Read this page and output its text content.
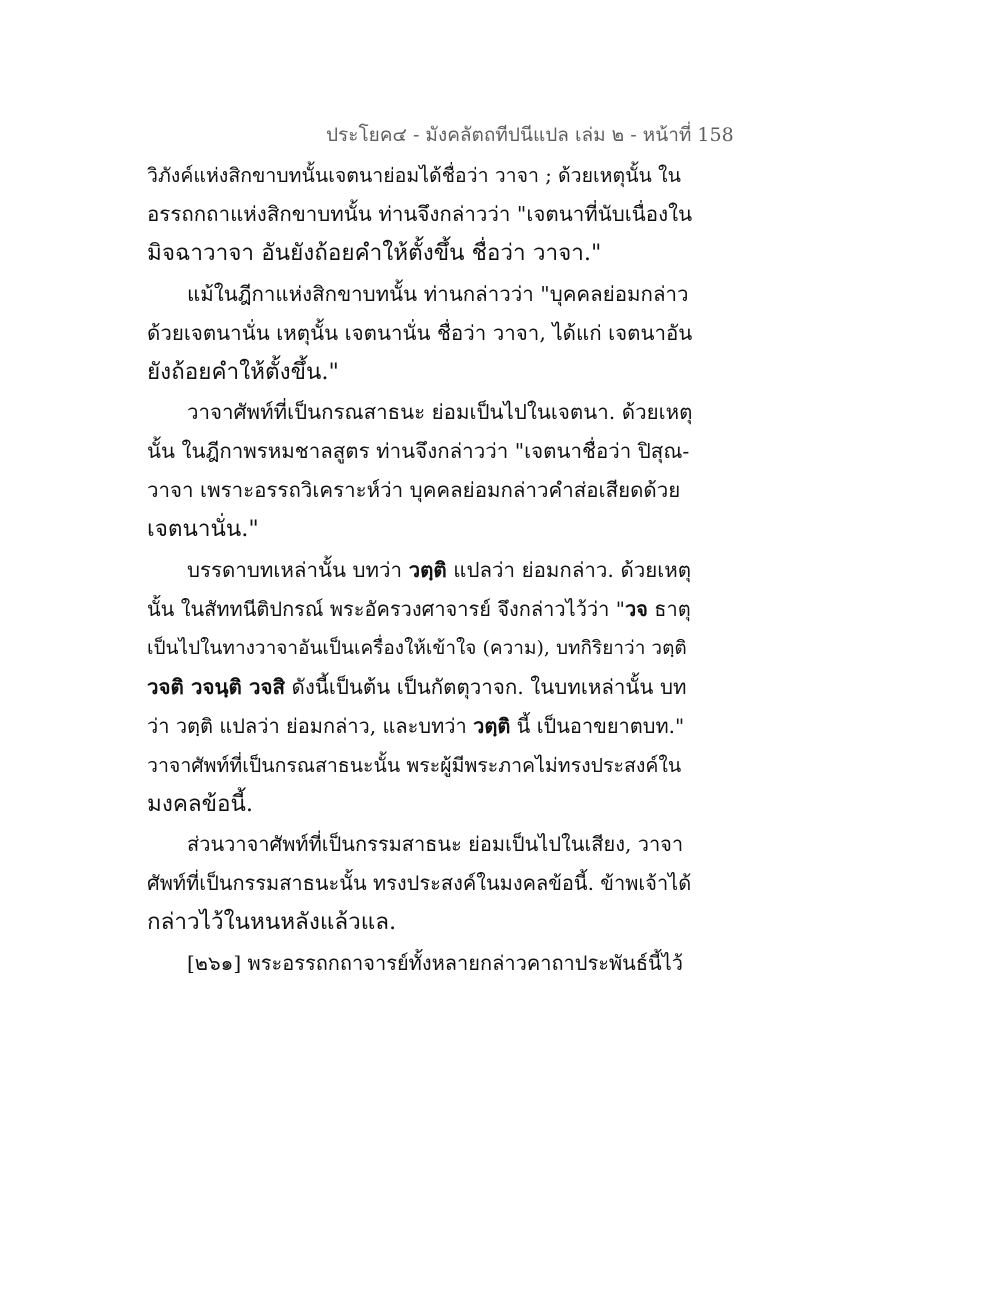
ประโยค๔ - มังคลัตถทีปนีแปล เล่ม ๒ - หน้าที่ 158
วิภังค์แห่งสิกขาบทนั้นเจตนาย่อมได้ชื่อว่า วาจา ; ด้วยเหตุนั้น ใน
อรรถกถาแห่งสิกขาบทนั้น ท่านจึงกล่าวว่า "เจตนาที่นับเนื่องใน
มิจฉาวาจา อันยังถ้อยคำให้ตั้งขึ้น ชื่อว่า วาจา."
แม้ในฎีกาแห่งสิกขาบทนั้น ท่านกล่าวว่า "บุคคลย่อมกล่าว
ด้วยเจตนานั่น เหตุนั้น เจตนานั่น ชื่อว่า วาจา, ได้แก่ เจตนาอัน
ยังถ้อยคำให้ตั้งขึ้น."
วาจาศัพท์ที่เป็นกรณสาธนะ ย่อมเป็นไปในเจตนา. ด้วยเหตุ
นั้น ในฎีกาพรหมชาลสูตร ท่านจึงกล่าวว่า "เจตนาชื่อว่า ปิสุณ-
วาจา เพราะอรรถวิเคราะห์ว่า บุคคลย่อมกล่าวคำส่อเสียดด้วย
เจตนานั่น."
บรรดาบทเหล่านั้น บทว่า วตฺติ แปลว่า ย่อมกล่าว. ด้วยเหตุ
นั้น ในสัททนีติปกรณ์ พระอัครวงศาจารย์ จึงกล่าวไว้ว่า "วจ ธาตุ
เป็นไปในทางวาจาอันเป็นเครื่องให้เข้าใจ (ความ), บทกิริยาว่า วตฺติ
วจติ วจนฺติ วจสิ ดังนี้เป็นต้น เป็นกัตตุวาจก. ในบทเหล่านั้น บท
ว่า วตฺติ แปลว่า ย่อมกล่าว, และบทว่า วตฺติ นี้ เป็นอาขยาตบท."
วาจาศัพท์ที่เป็นกรณสาธนะนั้น พระผู้มีพระภาคไม่ทรงประสงค์ใน
มงคลข้อนี้.
ส่วนวาจาศัพท์ที่เป็นกรรมสาธนะ ย่อมเป็นไปในเสียง, วาจา
ศัพท์ที่เป็นกรรมสาธนะนั้น ทรงประสงค์ในมงคลข้อนี้. ข้าพเจ้าได้
กล่าวไว้ในหนหลังแล้วแล.
[๒๖๑] พระอรรถกถาจารย์ทั้งหลายกล่าวคาถาประพันธ์นี้ไว้
